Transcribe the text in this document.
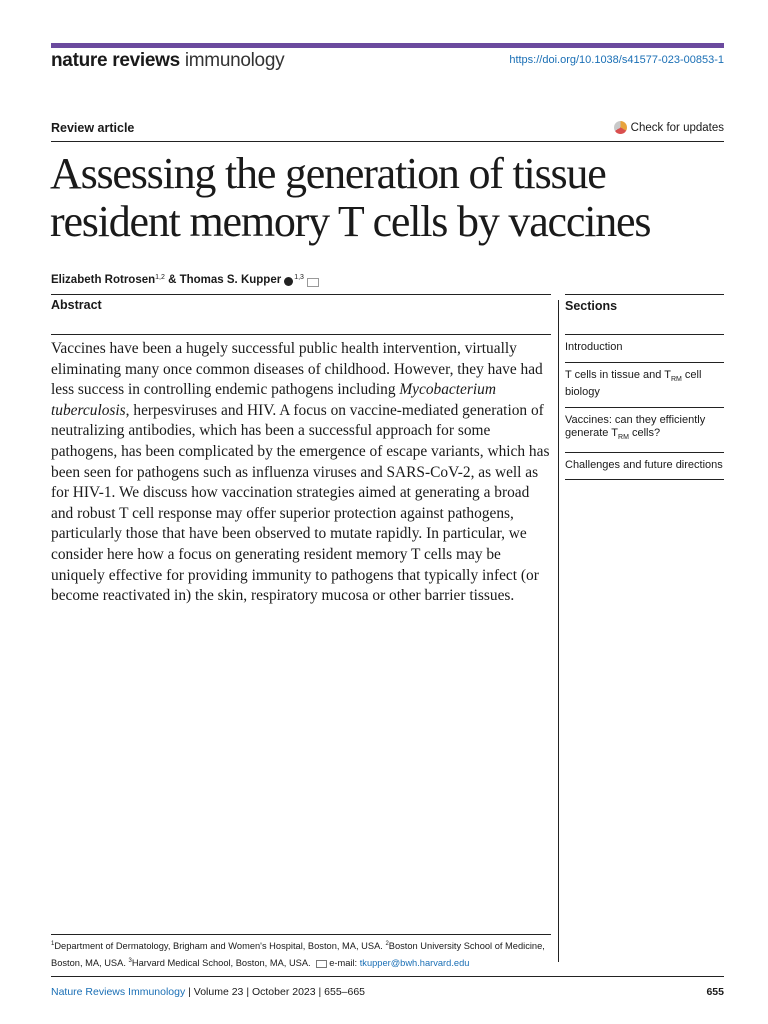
nature reviews immunology	https://doi.org/10.1038/s41577-023-00853-1
Review article	Check for updates
Assessing the generation of tissue resident memory T cells by vaccines
Elizabeth Rotrosen$^{1,2}$ & Thomas S. Kupper $^{1,3}$
Abstract	Sections

Vaccines have been a hugely successful public health intervention, virtually eliminating many once common diseases of childhood. However, they have had less success in controlling endemic pathogens including Mycobacterium tuberculosis, herpesviruses and HIV. A focus on vaccine-mediated generation of neutralizing antibodies, which has been a successful approach for some pathogens, has been complicated by the emergence of escape variants, which has been seen for pathogens such as influenza viruses and SARS-CoV-2, as well as for HIV-1. We discuss how vaccination strategies aimed at generating a broad and robust T cell response may offer superior protection against pathogens, particularly those that have been observed to mutate rapidly. In particular, we consider here how a focus on generating resident memory T cells may be uniquely effective for providing immunity to pathogens that typically infect (or become reactivated in) the skin, respiratory mucosa or other barrier tissues.

Introduction
T cells in tissue and $T_{RM}$ cell biology
Vaccines: can they efficiently generate $T_{RM}$ cells?
Challenges and future directions
$^1$Department of Dermatology, Brigham and Women's Hospital, Boston, MA, USA. $^2$Boston University School of Medicine, Boston, MA, USA. $^3$Harvard Medical School, Boston, MA, USA. e-mail: tkupper@bwh.harvard.edu
Nature Reviews Immunology | Volume 23 | October 2023 | 655–665	655
